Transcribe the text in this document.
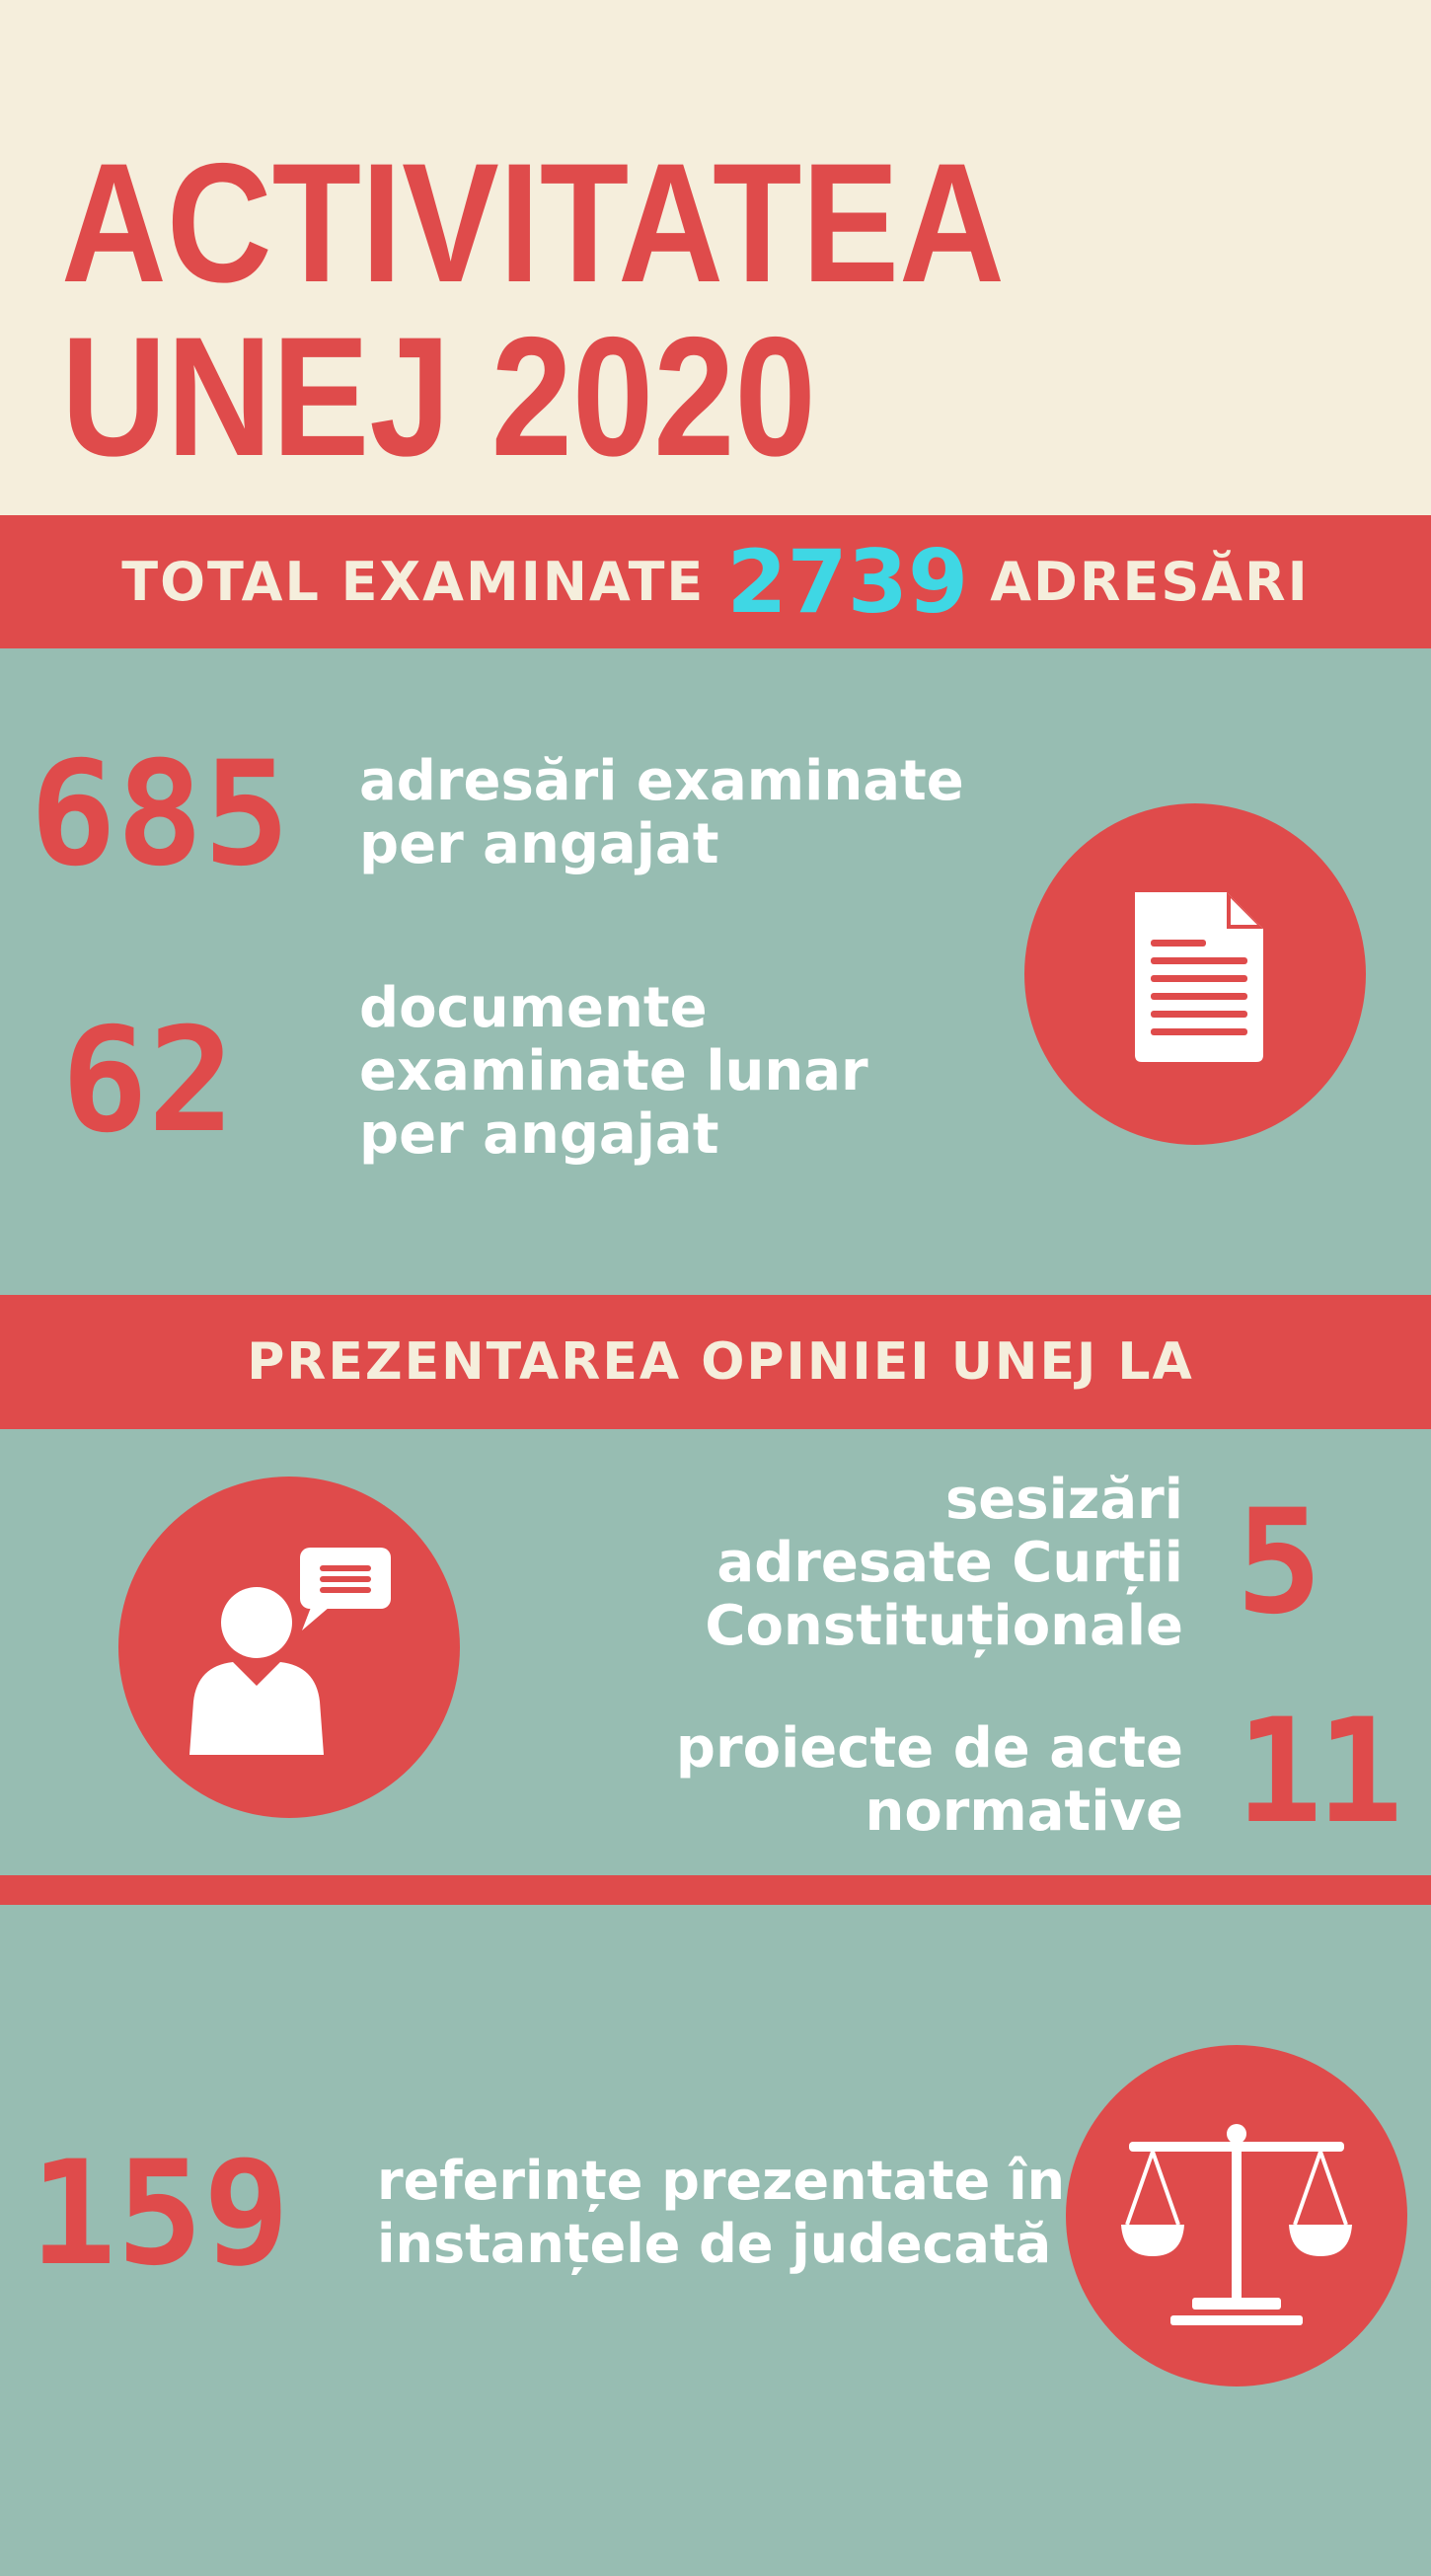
ACTIVITATEA
UNEJ 2020
TOTAL EXAMINATE 2739 ADRESĂRI
685 adresări examinate
per angajat
62 documente
examinate lunar
per angajat
PREZENTAREA OPINIEI UNEJ LA
sesizări
adresate Curții
Constituționale 5
proiecte de acte
normative 11
159 referințe prezentate în
instanțele de judecată
